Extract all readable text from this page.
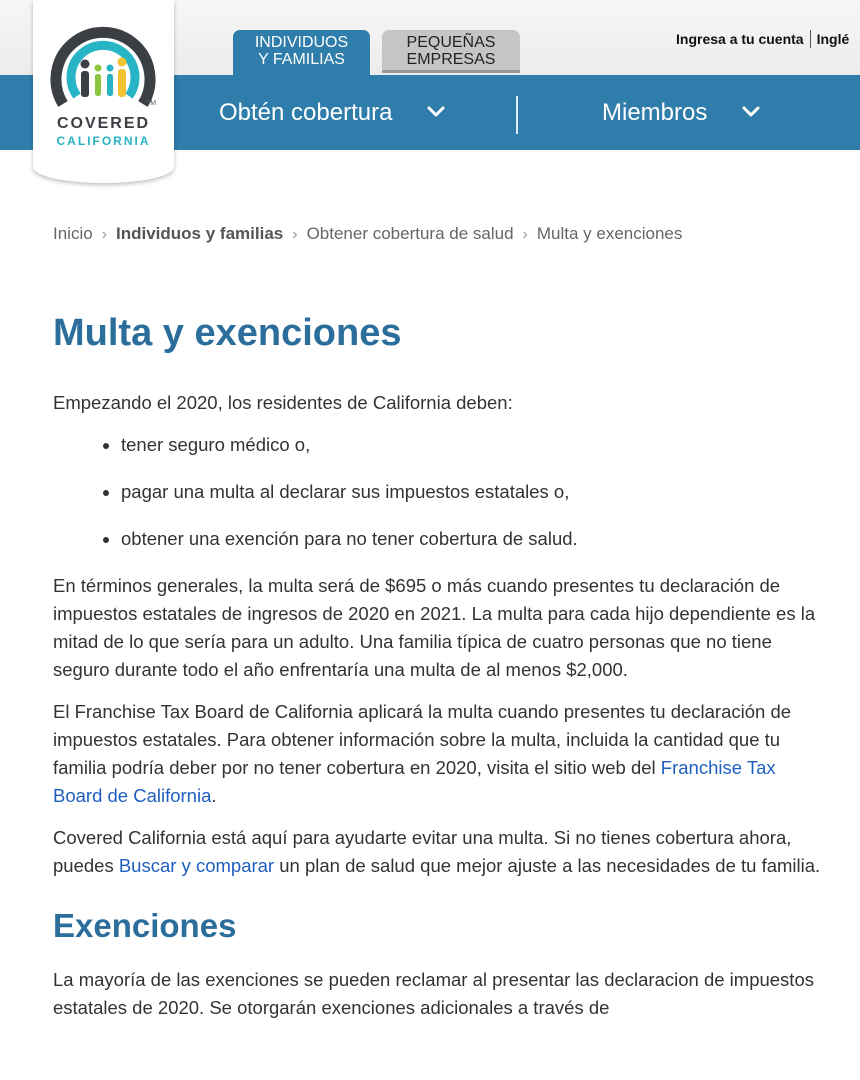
TM
COVERED
CALIFORNIA
INDIVIDUOS
Y FAMILIAS
PEQUEÑAS
EMPRESAS
Ingresa a tu cuenta Inglé
Obtén cobertura	Miembros
Inicio › Individuos y familias › Obtener cobertura de salud › Multa y exenciones
Multa y exenciones

Empezando el 2020, los residentes de California deben:

tener seguro médico o,
pagar una multa al declarar sus impuestos estatales o,
obtener una exención para no tener cobertura de salud.

En términos generales, la multa será de $695 o más cuando presentes tu declaración de impuestos estatales de ingresos de 2020 en 2021. La multa para cada hijo dependiente es la mitad de lo que sería para un adulto. Una familia típica de cuatro personas que no tiene seguro durante todo el año enfrentaría una multa de al menos $2,000.

El Franchise Tax Board de California aplicará la multa cuando presentes tu declaración de impuestos estatales. Para obtener información sobre la multa, incluida la cantidad que tu familia podría deber por no tener cobertura en 2020, visita el sitio web del Franchise Tax Board de California.

Covered California está aquí para ayudarte evitar una multa. Si no tienes cobertura ahora, puedes Buscar y comparar un plan de salud que mejor ajuste a las necesidades de tu familia.

Exenciones

La mayoría de las exenciones se pueden reclamar al presentar las declaracion de impuestos estatales de 2020. Se otorgarán exenciones adicionales a través de
